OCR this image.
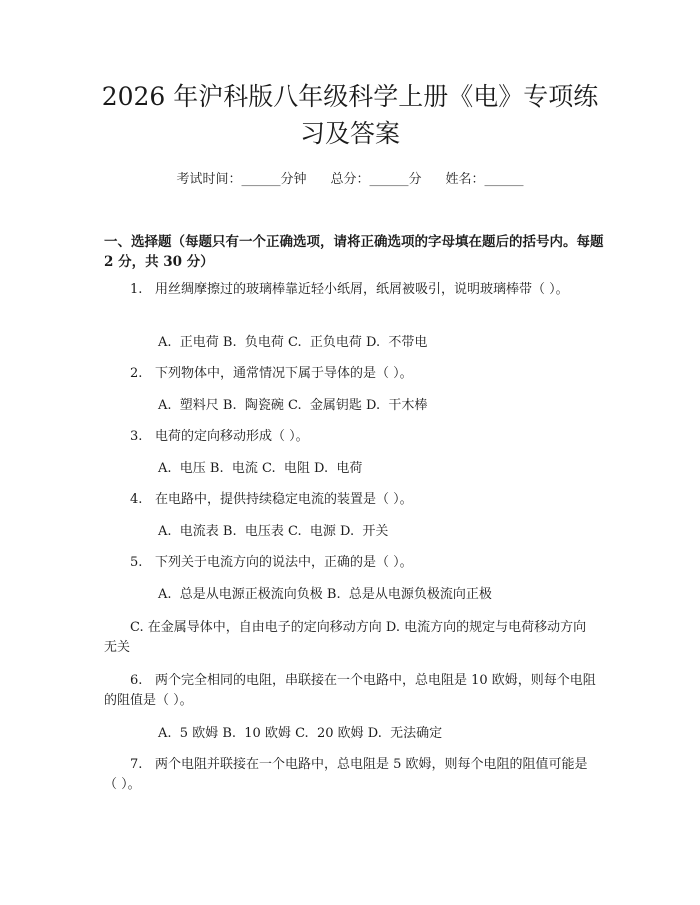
2026 年沪科版八年级科学上册《电》专项练习及答案
考试时间：______分钟 总分：______分 姓名：______
一、选择题（每题只有一个正确选项，请将正确选项的字母填在题后的括号内。每题 2 分，共 30 分）
1. 用丝绸摩擦过的玻璃棒靠近轻小纸屑，纸屑被吸引，说明玻璃棒带（ ）。
A.  正电荷 B.  负电荷 C.  正负电荷 D.  不带电
2. 下列物体中，通常情况下属于导体的是（ ）。
A.  塑料尺 B.  陶瓷碗 C.  金属钥匙 D.  干木棒
3. 电荷的定向移动形成（ ）。
A.  电压 B.  电流 C.  电阻 D.  电荷
4. 在电路中，提供持续稳定电流的装置是（ ）。
A.  电流表 B.  电压表 C.  电源 D.  开关
5. 下列关于电流方向的说法中，正确的是（ ）。
A.  总是从电源正极流向负极 B.  总是从电源负极流向正极
C. 在金属导体中，自由电子的定向移动方向 D. 电流方向的规定与电荷移动方向无关
6. 两个完全相同的电阻，串联接在一个电路中，总电阻是 10 欧姆，则每个电阻的阻值是（ ）。
A.  5 欧姆 B.  10 欧姆 C.  20 欧姆 D.  无法确定
7. 两个电阻并联接在一个电路中，总电阻是 5 欧姆，则每个电阻的阻值可能是（ ）。
